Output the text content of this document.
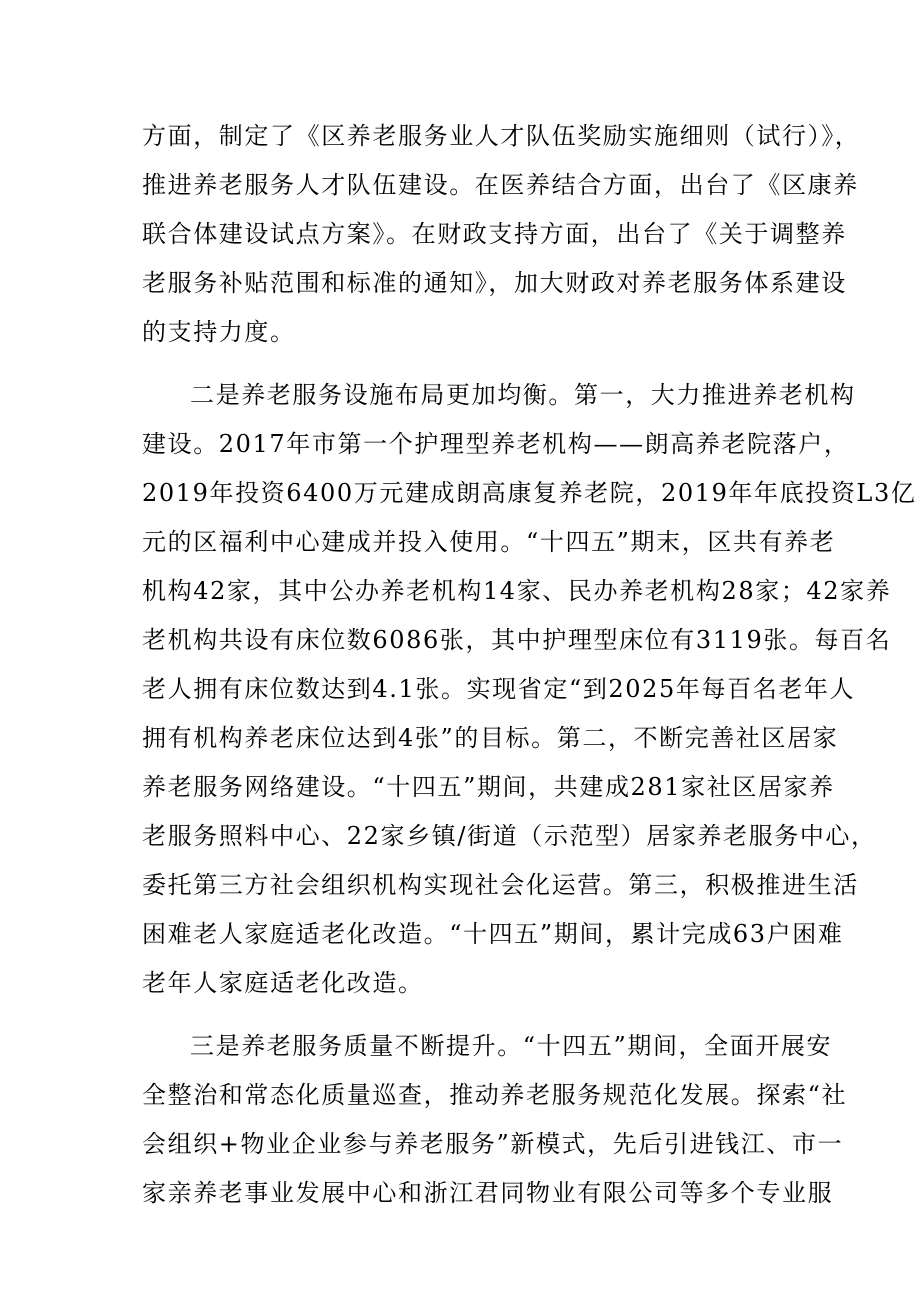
方面，制定了《区养老服务业人才队伍奖励实施细则（试行）》，
推进养老服务人才队伍建设。在医养结合方面，出台了《区康养
联合体建设试点方案》。在财政支持方面，出台了《关于调整养
老服务补贴范围和标准的通知》，加大财政对养老服务体系建设
的支持力度。
二是养老服务设施布局更加均衡。第一，大力推进养老机构
建设。2017年市第一个护理型养老机构——朗高养老院落户，
2019年投资6400万元建成朗高康复养老院，2019年年底投资L3亿
元的区福利中心建成并投入使用。“十四五”期末，区共有养老
机构42家，其中公办养老机构14家、民办养老机构28家；42家养
老机构共设有床位数6086张，其中护理型床位有3119张。每百名
老人拥有床位数达到4.1张。实现省定“到2025年每百名老年人
拥有机构养老床位达到4张”的目标。第二，不断完善社区居家
养老服务网络建设。“十四五”期间，共建成281家社区居家养
老服务照料中心、22家乡镇/街道（示范型）居家养老服务中心，
委托第三方社会组织机构实现社会化运营。第三，积极推进生活
困难老人家庭适老化改造。“十四五”期间，累计完成63户困难
老年人家庭适老化改造。
三是养老服务质量不断提升。“十四五”期间，全面开展安
全整治和常态化质量巡查，推动养老服务规范化发展。探索“社
会组织+物业企业参与养老服务”新模式，先后引进钱江、市一
家亲养老事业发展中心和浙江君同物业有限公司等多个专业服
